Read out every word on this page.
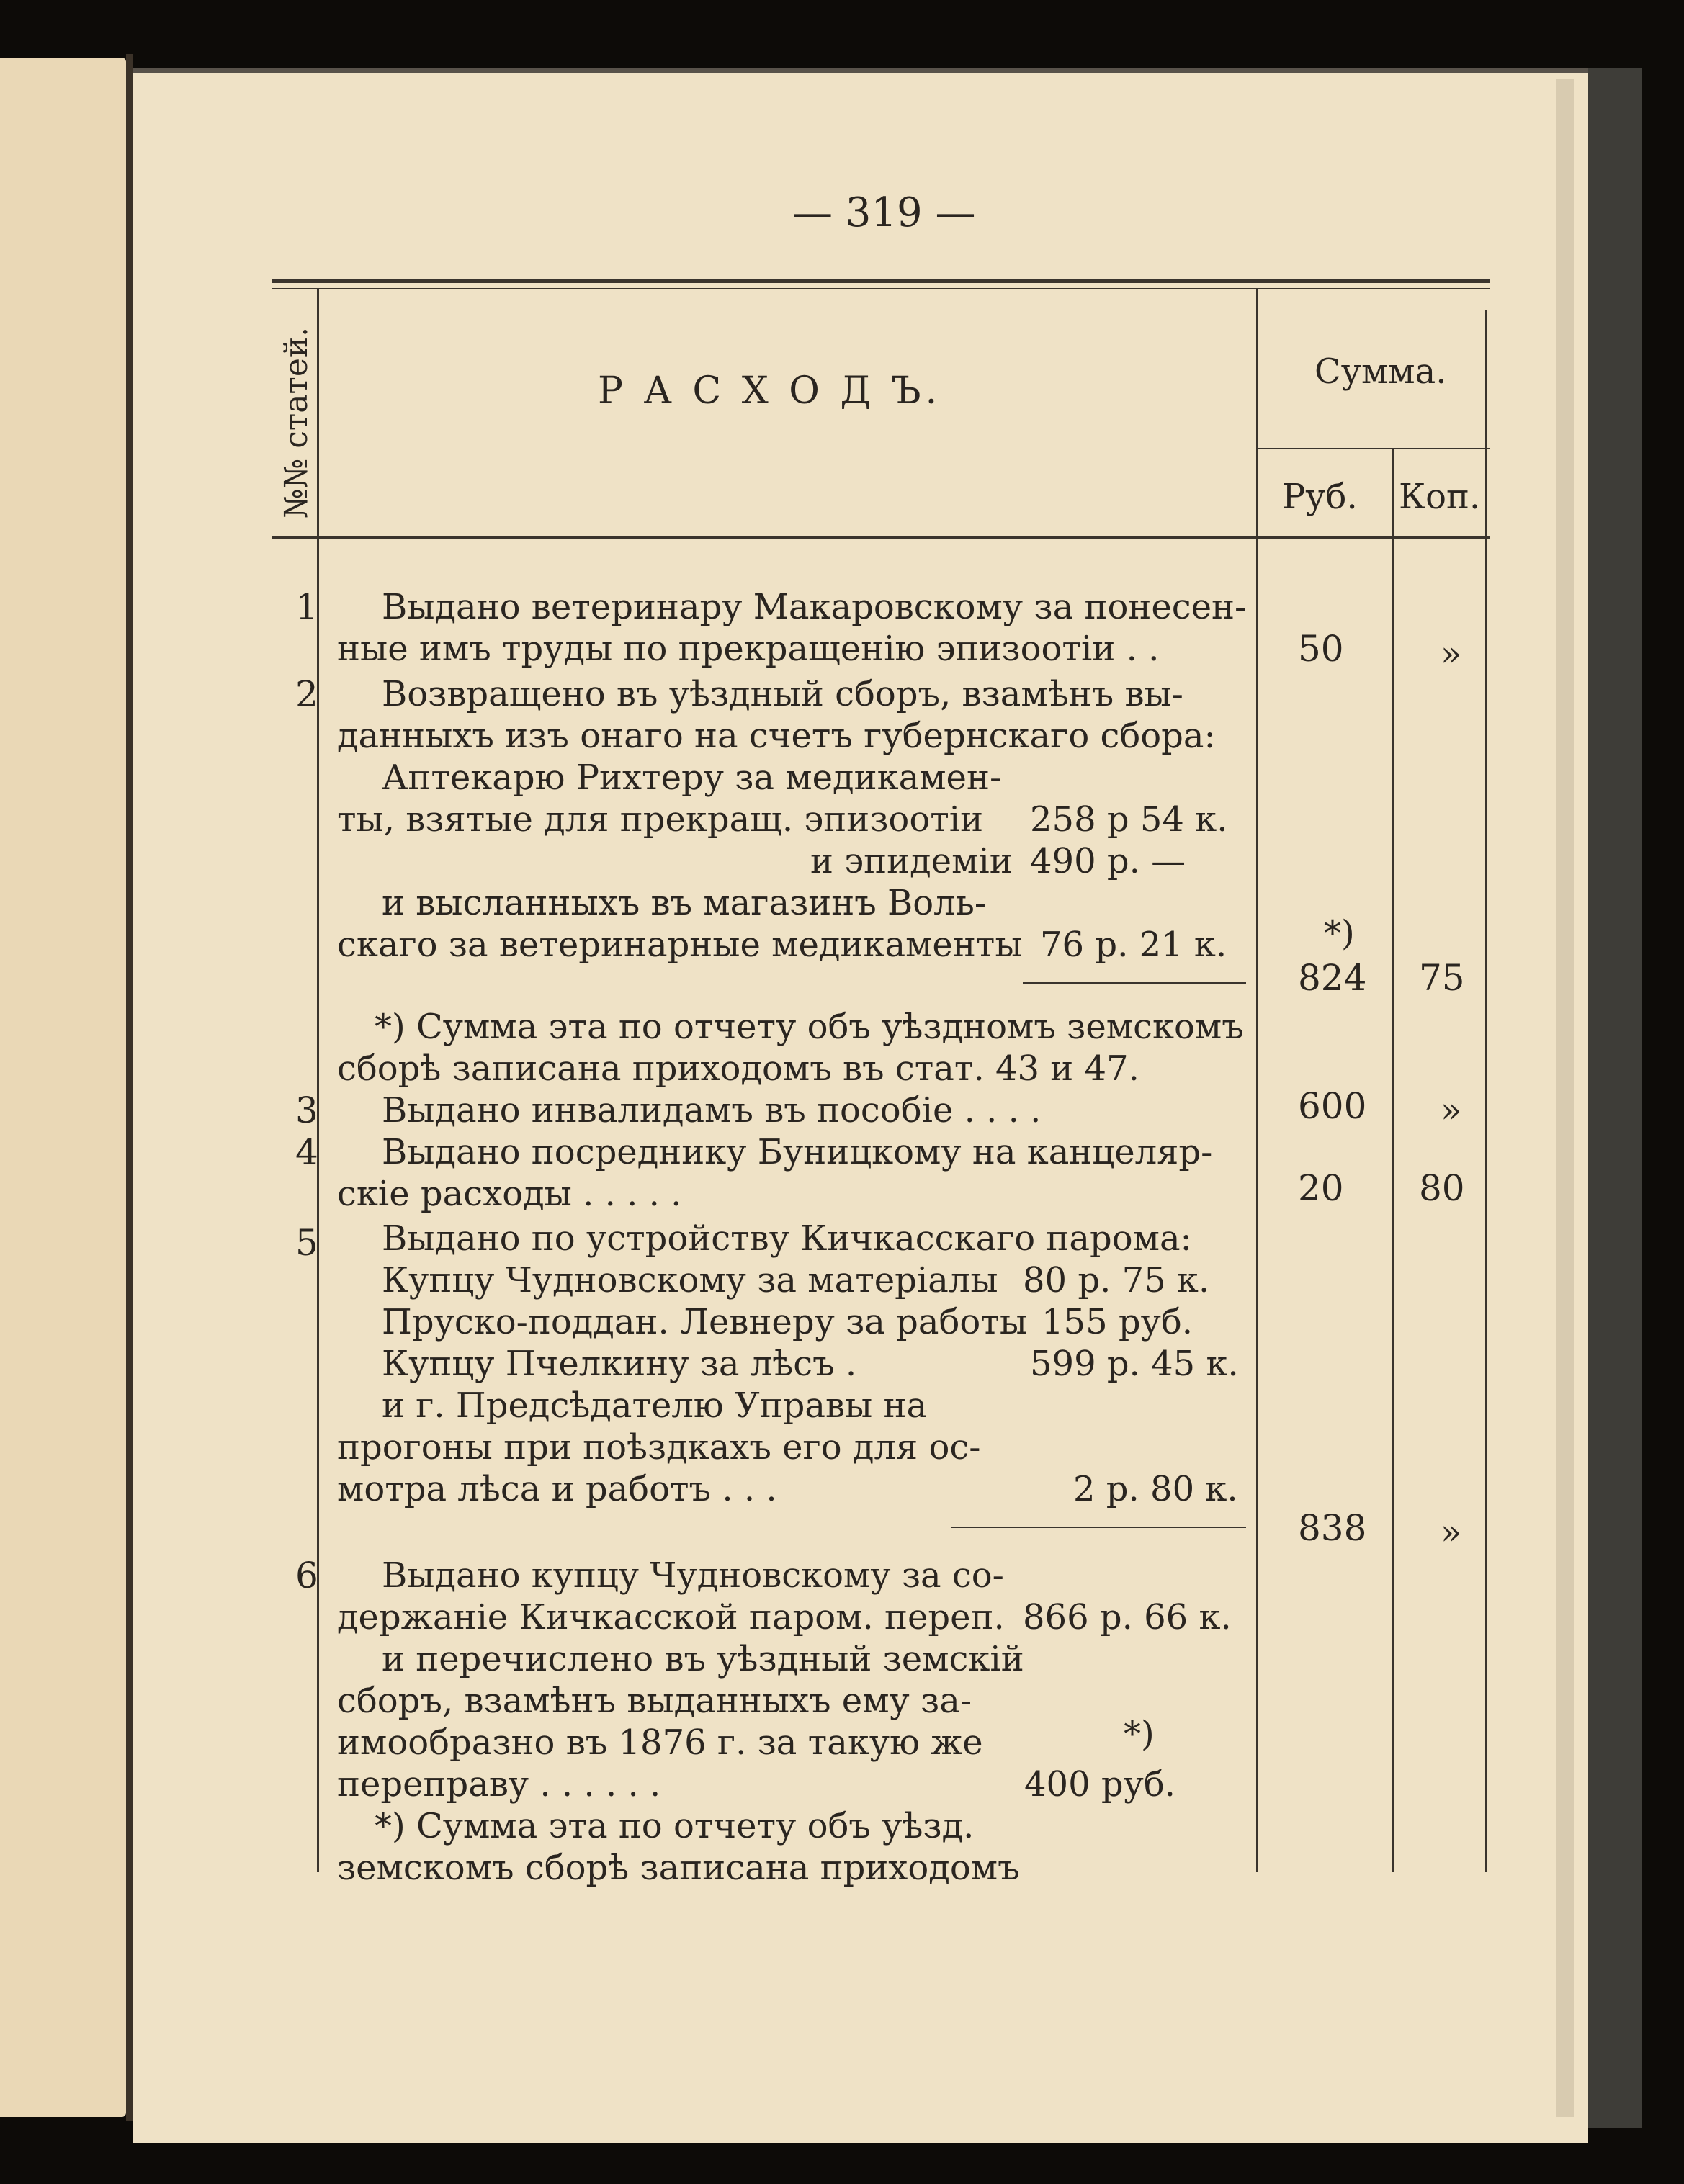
— 319 —
№№ статей.	Р А С Х О Д Ъ.	Сумма.
Руб. Коп.
1 Выдано ветеринару Макаровскому за понесен-
ные имъ труды по прекращенію эпизоотіи . .	50	»
2 Возвращено въ уѣздный сборъ, взамѣнъ вы-
данныхъ изъ онаго на счетъ губернскаго сбора:
Аптекарю Рихтеру за медикамен-
ты, взятые для прекращ. эпизоотіи 258 р 54 к.
и эпидеміи 490 р. —
и высланныхъ въ магазинъ Воль-
скаго за ветеринарные медикаменты 76 р. 21 к.	*)
824 75
*) Сумма эта по отчету объ уѣздномъ земскомъ
сборѣ записана приходомъ въ стат. 43 и 47.
3 Выдано инвалидамъ въ пособіе . . . .	600 »
4 Выдано посреднику Буницкому на канцеляр-
скіе расходы . . . . .	20 80
5 Выдано по устройству Кичкасскаго парома:
Купцу Чудновскому за матеріалы 80 р. 75 к.
Пруско-поддан. Левнеру за работы 155 руб.
Купцу Пчелкину за лѣсъ .	599 р. 45 к.
и г. Предсѣдателю Управы на
прогоны при поѣздкахъ его для ос-
мотра лѣса и работъ . . .	2 р. 80 к.
838 »
6 Выдано купцу Чудновскому за со-
держаніе Кичкасской паром. переп. 866 р. 66 к.
и перечислено въ уѣздный земскій
сборъ, взамѣнъ выданныхъ ему за-
имообразно въ 1876 г. за такую же	*)
переправу . . . . . .	400 руб.
*) Сумма эта по отчету объ уѣзд.
земскомъ сборѣ записана приходомъ
